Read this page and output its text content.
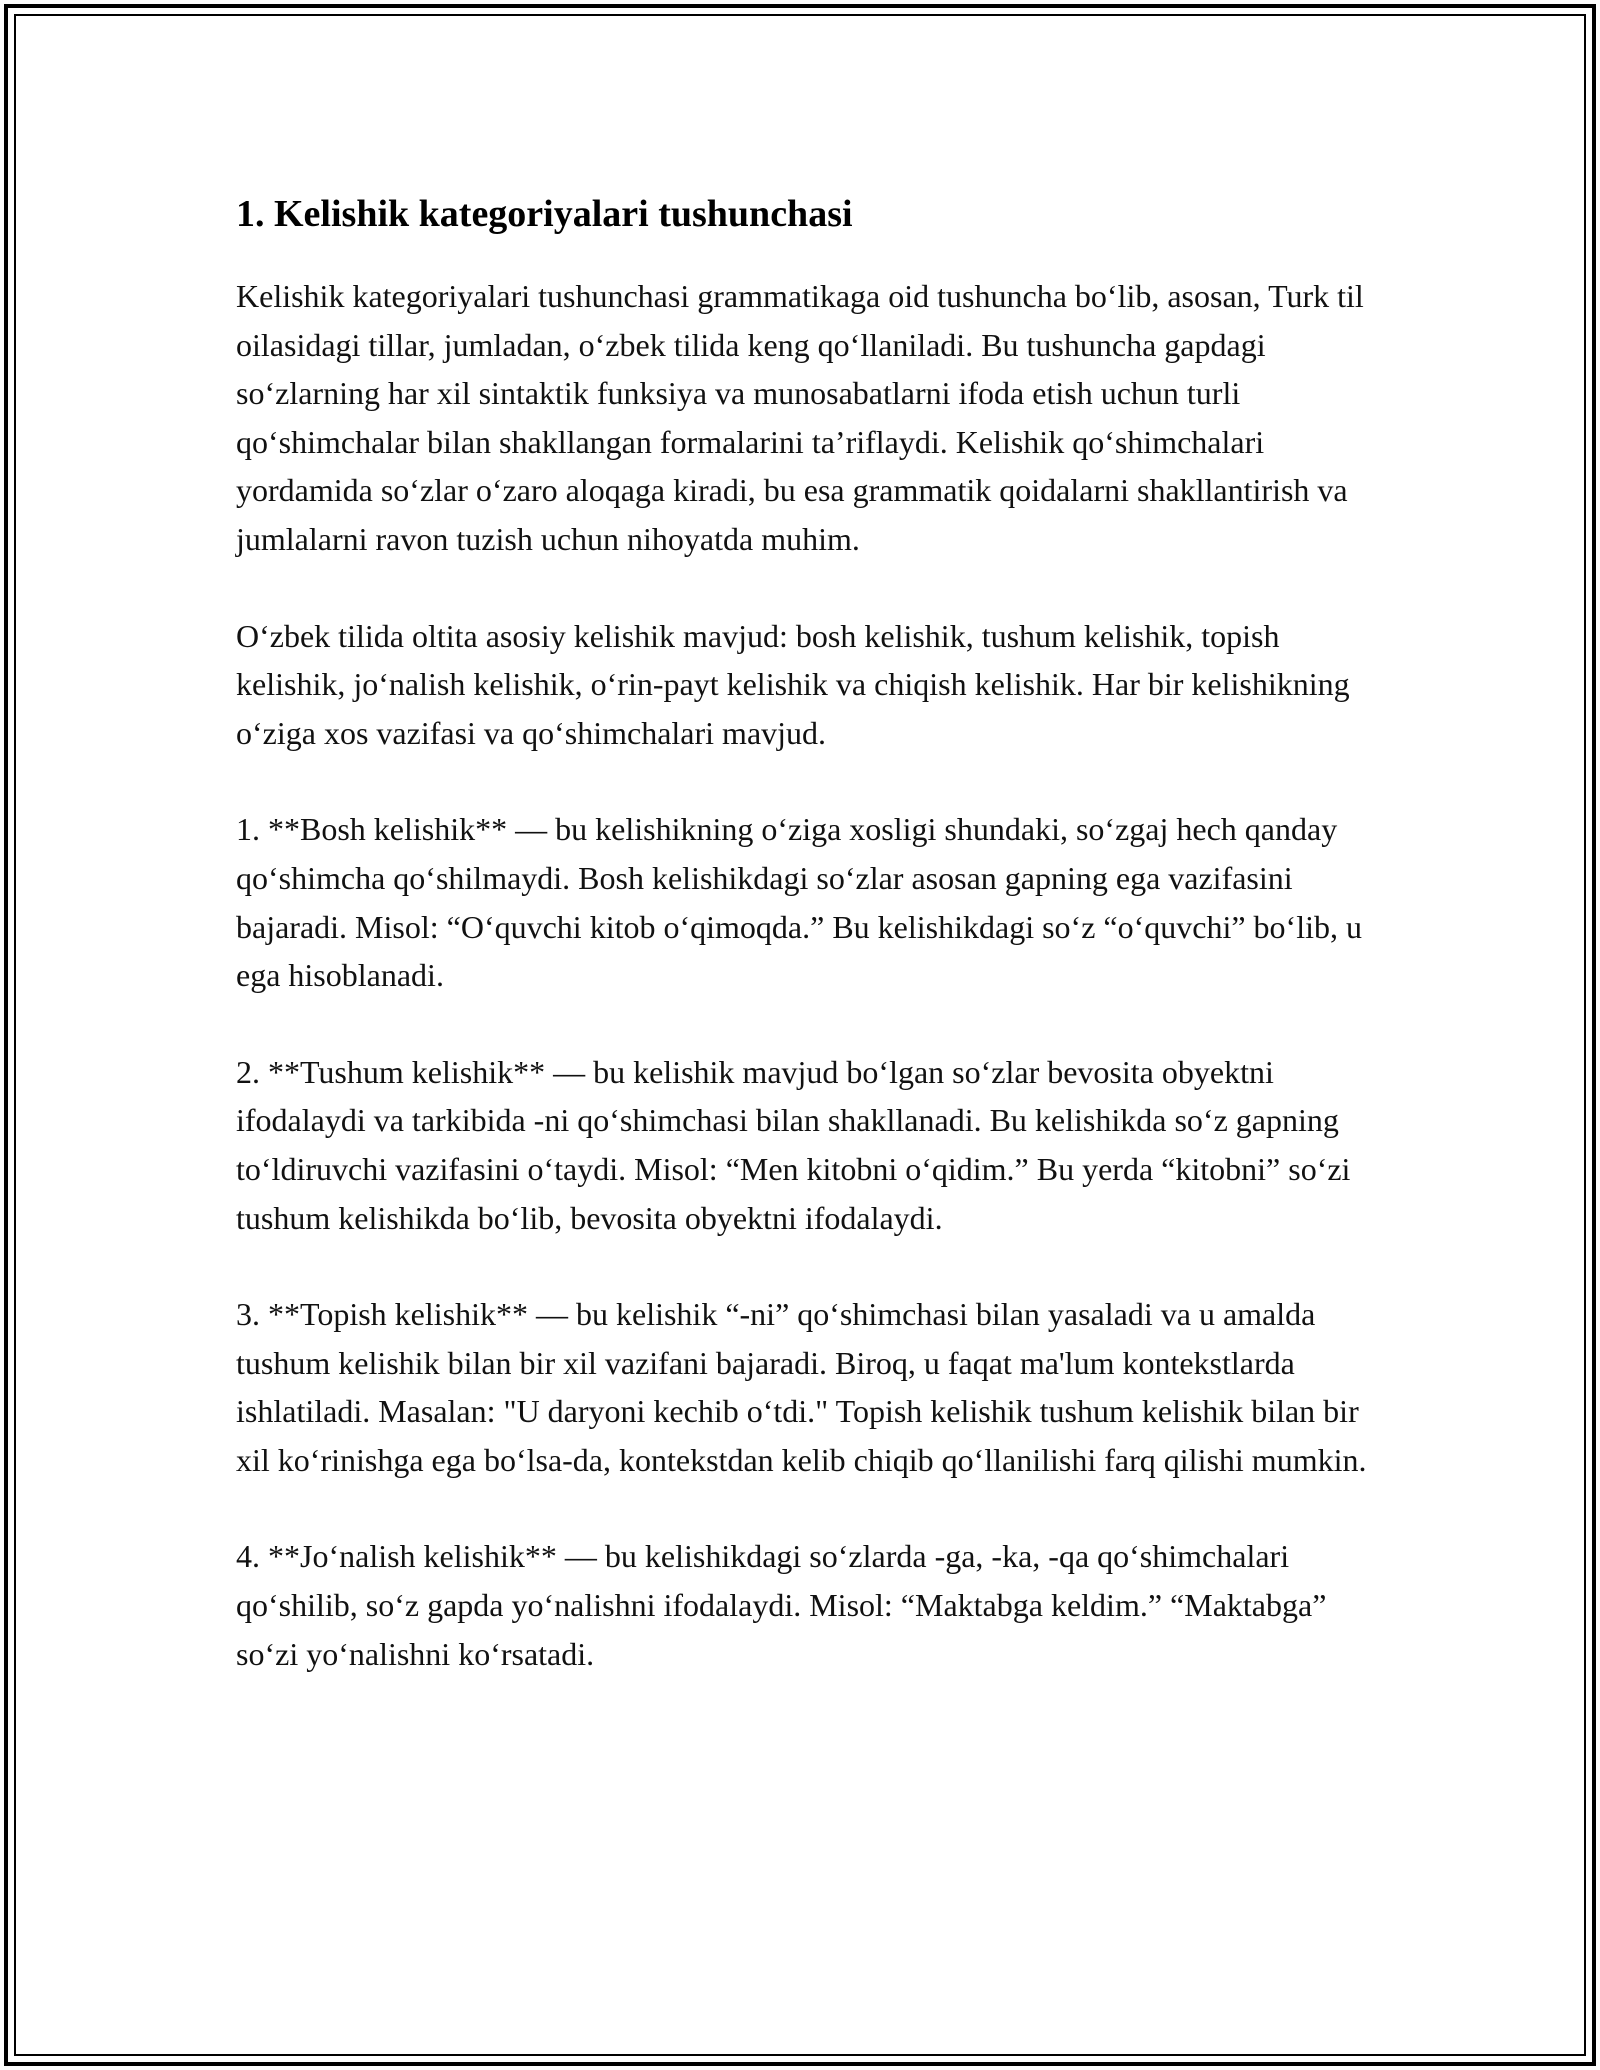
1. Kelishik kategoriyalari tushunchasi

Kelishik kategoriyalari tushunchasi grammatikaga oid tushuncha bo‘lib, asosan, Turk til oilasidagi tillar, jumladan, o‘zbek tilida keng qo‘llaniladi. Bu tushuncha gapdagi so‘zlarning har xil sintaktik funksiya va munosabatlarni ifoda etish uchun turli qo‘shimchalar bilan shakllangan formalarini ta’riflaydi. Kelishik qo‘shimchalari yordamida so‘zlar o‘zaro aloqaga kiradi, bu esa grammatik qoidalarni shakllantirish va jumlalarni ravon tuzish uchun nihoyatda muhim.

O‘zbek tilida oltita asosiy kelishik mavjud: bosh kelishik, tushum kelishik, topish kelishik, jo‘nalish kelishik, o‘rin-payt kelishik va chiqish kelishik. Har bir kelishikning o‘ziga xos vazifasi va qo‘shimchalari mavjud.

1. **Bosh kelishik** — bu kelishikning o‘ziga xosligi shundaki, so‘zgaj hech qanday qo‘shimcha qo‘shilmaydi. Bosh kelishikdagi so‘zlar asosan gapning ega vazifasini bajaradi. Misol: “O‘quvchi kitob o‘qimoqda.” Bu kelishikdagi so‘z “o‘quvchi” bo‘lib, u ega hisoblanadi.

2. **Tushum kelishik** — bu kelishik mavjud bo‘lgan so‘zlar bevosita obyektni ifodalaydi va tarkibida -ni qo‘shimchasi bilan shakllanadi. Bu kelishikda so‘z gapning to‘ldiruvchi vazifasini o‘taydi. Misol: “Men kitobni o‘qidim.” Bu yerda “kitobni” so‘zi tushum kelishikda bo‘lib, bevosita obyektni ifodalaydi.

3. **Topish kelishik** — bu kelishik “-ni” qo‘shimchasi bilan yasaladi va u amalda tushum kelishik bilan bir xil vazifani bajaradi. Biroq, u faqat ma'lum kontekstlarda ishlatiladi. Masalan: "U daryoni kechib o‘tdi." Topish kelishik tushum kelishik bilan bir xil ko‘rinishga ega bo‘lsa-da, kontekstdan kelib chiqib qo‘llanilishi farq qilishi mumkin.

4. **Jo‘nalish kelishik** — bu kelishikdagi so‘zlarda -ga, -ka, -qa qo‘shimchalari qo‘shilib, so‘z gapda yo‘nalishni ifodalaydi. Misol: “Maktabga keldim.” “Maktabga” so‘zi yo‘nalishni ko‘rsatadi.
